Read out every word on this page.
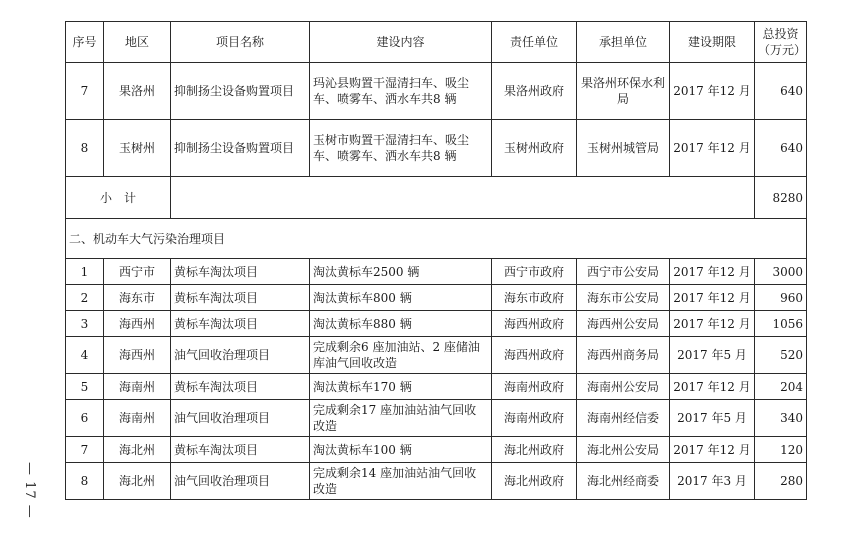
序号	地区	项目名称	建设内容	责任单位	承担单位	建设期限	总投资
（万元）
7	果洛州	抑制扬尘设备购置项目	玛沁县购置干湿清扫车、吸尘车、喷雾车、洒水车共8 辆	果洛州政府	果洛州环保水利局	2017 年12 月	640
8	玉树州	抑制扬尘设备购置项目	玉树市购置干湿清扫车、吸尘车、喷雾车、洒水车共8 辆	玉树州政府	玉树州城管局	2017 年12 月	640
小　计							8280
二、机动车大气污染治理项目							
1	西宁市	黄标车淘汰项目	淘汰黄标车2500 辆	西宁市政府	西宁市公安局	2017 年12 月	3000
2	海东市	黄标车淘汰项目	淘汰黄标车800 辆	海东市政府	海东市公安局	2017 年12 月	960
3	海西州	黄标车淘汰项目	淘汰黄标车880 辆	海西州政府	海西州公安局	2017 年12 月	1056
4	海西州	油气回收治理项目	完成剩余6 座加油站、2 座储油库油气回收改造	海西州政府	海西州商务局	2017 年5 月	520
5	海南州	黄标车淘汰项目	淘汰黄标车170 辆	海南州政府	海南州公安局	2017 年12 月	204
6	海南州	油气回收治理项目	完成剩余17 座加油站油气回收改造	海南州政府	海南州经信委	2017 年5 月	340
7	海北州	黄标车淘汰项目	淘汰黄标车100 辆	海北州政府	海北州公安局	2017 年12 月	120
8	海北州	油气回收治理项目	完成剩余14 座加油站油气回收改造	海北州政府	海北州经商委	2017 年3 月	280
— 17 —
